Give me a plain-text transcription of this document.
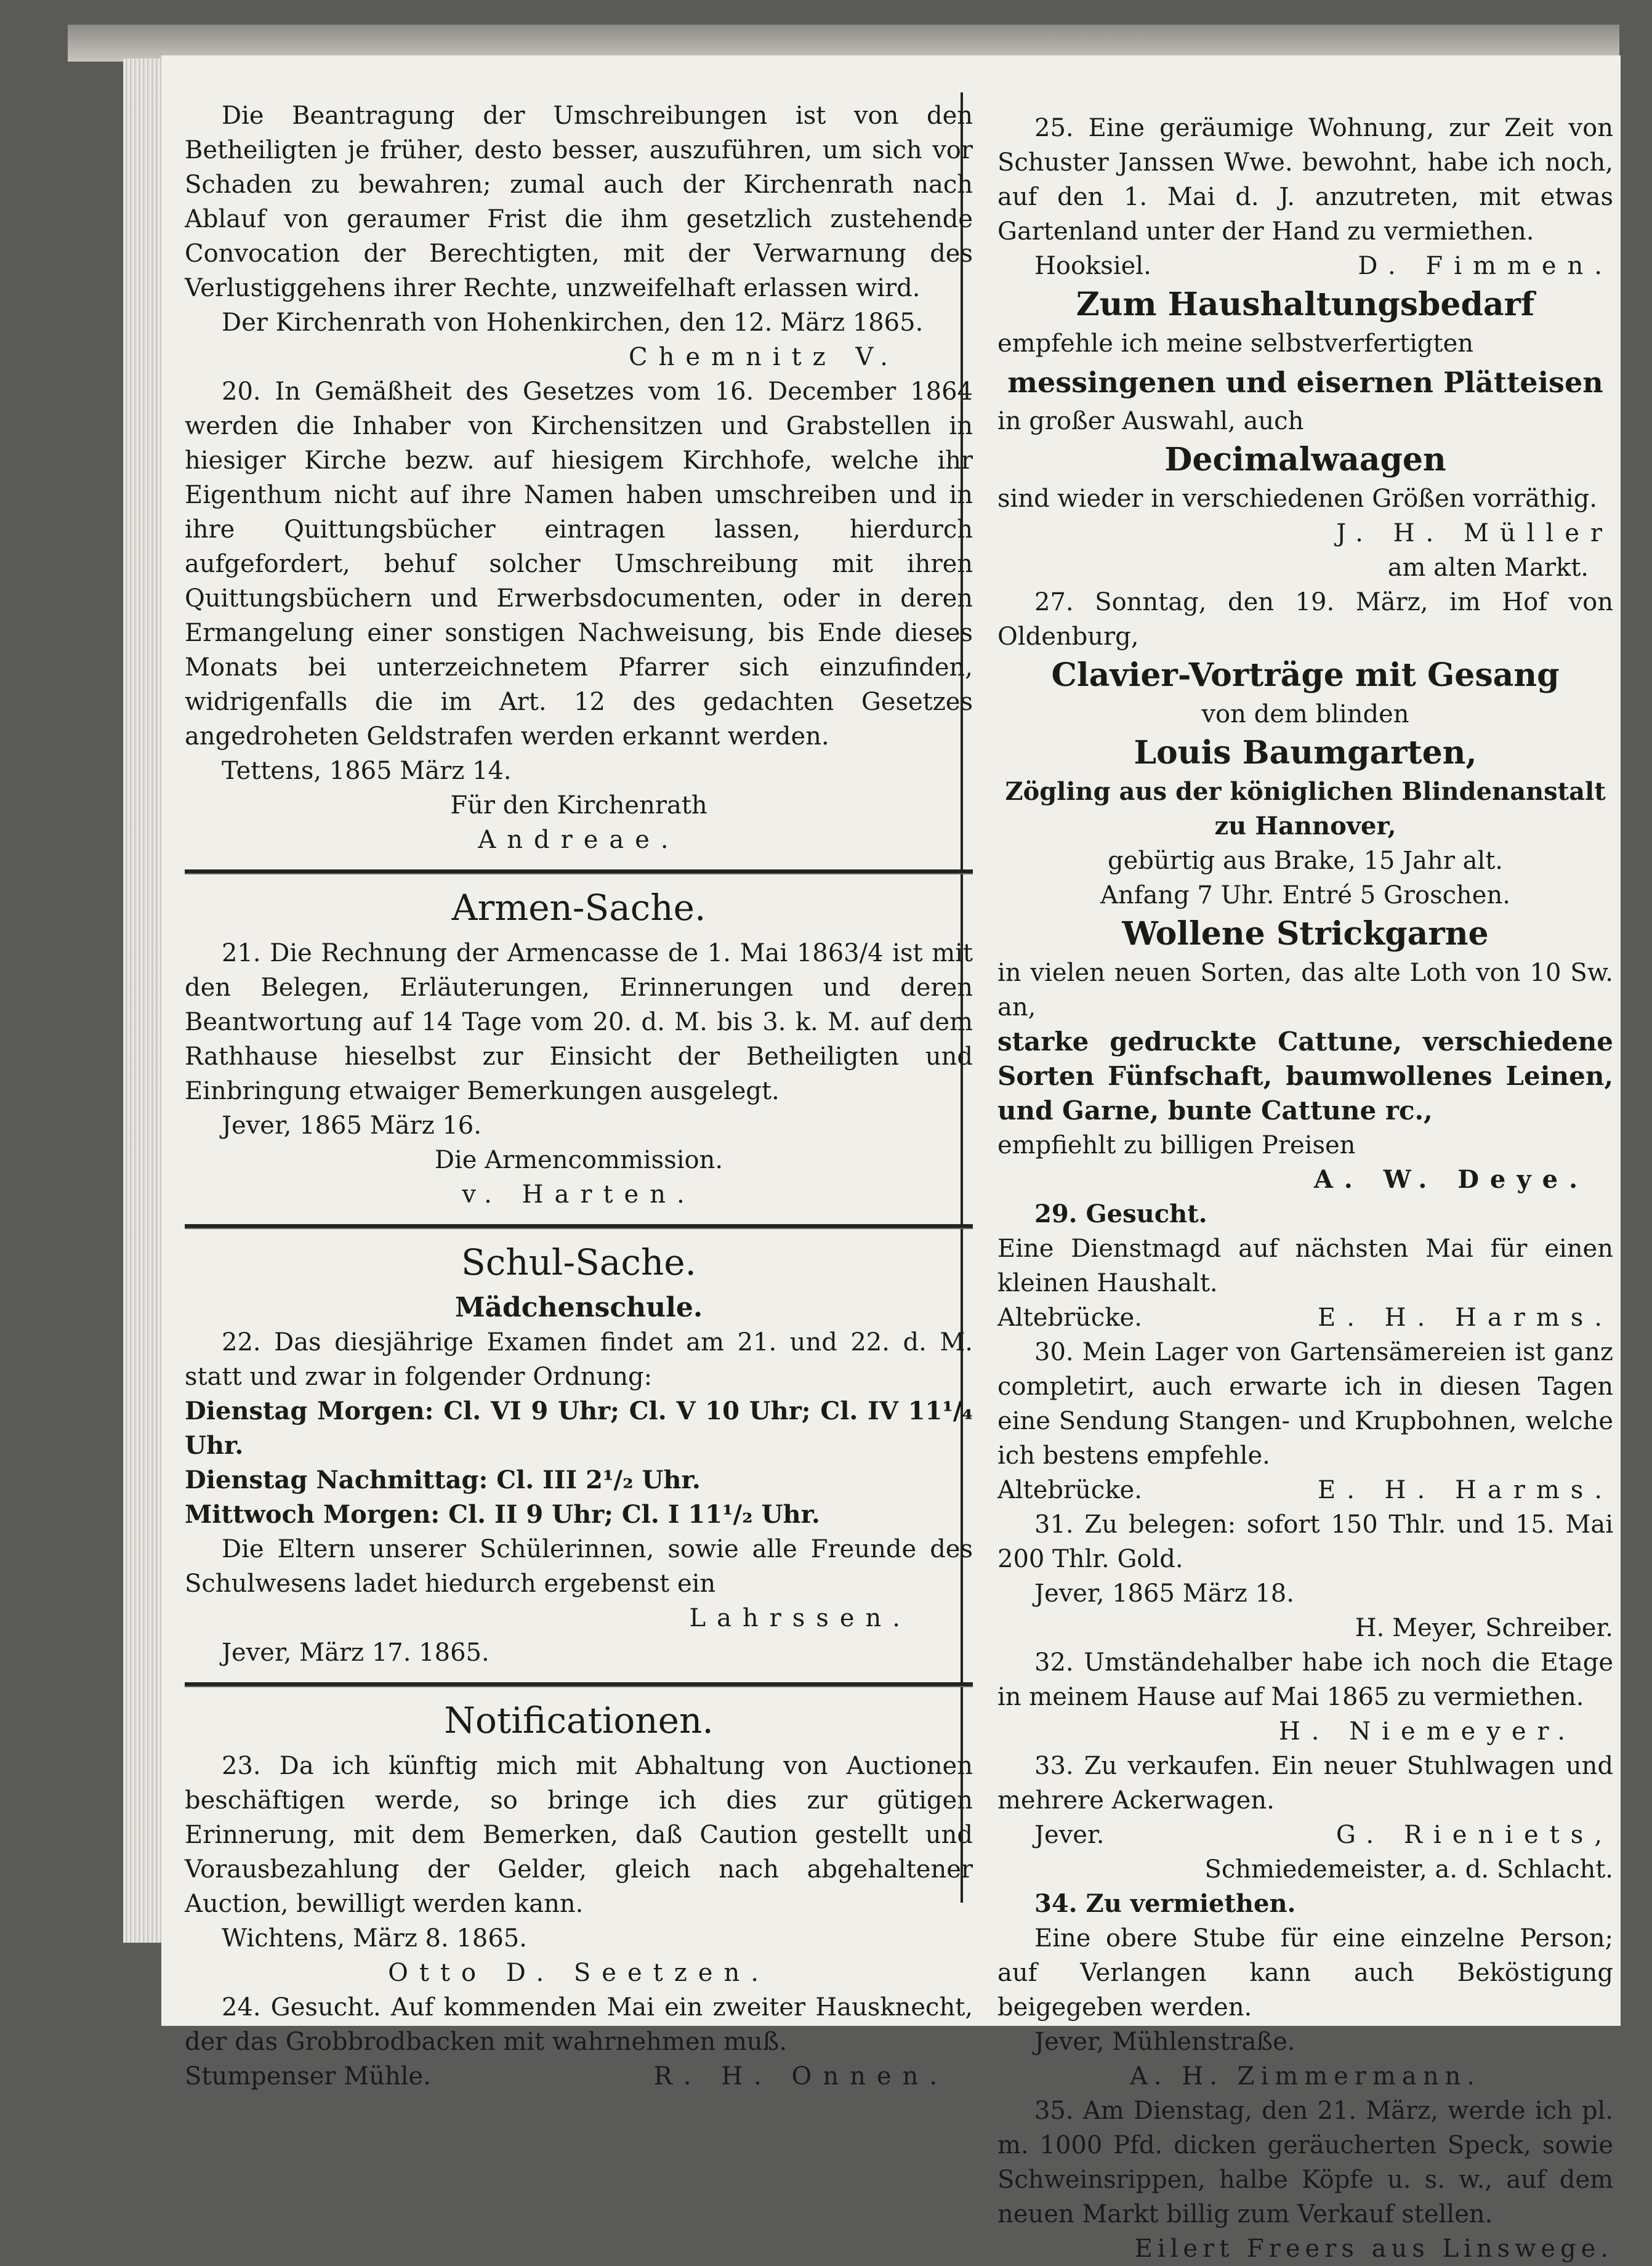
Die Beantragung der Umschreibungen ist von den Betheiligten je früher, desto besser, auszuführen, um sich vor Schaden zu bewahren; zumal auch der Kirchenrath nach Ablauf von geraumer Frist die ihm gesetzlich zustehende Convocation der Berechtigten, mit der Verwarnung des Verlustiggehens ihrer Rechte, unzweifelhaft erlassen wird.

Der Kirchenrath von Hohenkirchen, den 12. März 1865.

Chemnitz V.

20. In Gemäßheit des Gesetzes vom 16. December 1864 werden die Inhaber von Kirchensitzen und Grabstellen in hiesiger Kirche bezw. auf hiesigem Kirchhofe, welche ihr Eigenthum nicht auf ihre Namen haben umschreiben und in ihre Quittungsbücher eintragen lassen, hierdurch aufgefordert, behuf solcher Umschreibung mit ihren Quittungsbüchern und Erwerbsdocumenten, oder in deren Ermangelung einer sonstigen Nachweisung, bis Ende dieses Monats bei unterzeichnetem Pfarrer sich einzufinden, widrigenfalls die im Art. 12 des gedachten Gesetzes angedroheten Geldstrafen werden erkannt werden.

Tettens, 1865 März 14.

Für den Kirchenrath

Andreae.

Armen-Sache.

21. Die Rechnung der Armencasse de 1. Mai 1863/4 ist mit den Belegen, Erläuterungen, Erinnerungen und deren Beantwortung auf 14 Tage vom 20. d. M. bis 3. k. M. auf dem Rathhause hieselbst zur Einsicht der Betheiligten und Einbringung etwaiger Bemerkungen ausgelegt.

Jever, 1865 März 16.

Die Armencommission.

v. Harten.

Schul-Sache.
Mädchenschule.

22. Das diesjährige Examen findet am 21. und 22. d. M. statt und zwar in folgender Ordnung:

Dienstag Morgen: Cl. VI 9 Uhr; Cl. V 10 Uhr; Cl. IV 11¹/₄ Uhr.

Dienstag Nachmittag: Cl. III 2¹/₂ Uhr.

Mittwoch Morgen: Cl. II 9 Uhr; Cl. I 11¹/₂ Uhr.

Die Eltern unserer Schülerinnen, sowie alle Freunde des Schulwesens ladet hiedurch ergebenst ein

Lahrssen.

Jever, März 17. 1865.

Notificationen.

23. Da ich künftig mich mit Abhaltung von Auctionen beschäftigen werde, so bringe ich dies zur gütigen Erinnerung, mit dem Bemerken, daß Caution gestellt und Vorausbezahlung der Gelder, gleich nach abgehaltener Auction, bewilligt werden kann.

Wichtens, März 8. 1865.

Otto D. Seetzen.

24. Gesucht. Auf kommenden Mai ein zweiter Hausknecht, der das Grobbrodbacken mit wahrnehmen muß.

Stumpenser Mühle.	R. H. Onnen.

25. Eine geräumige Wohnung, zur Zeit von Schuster Janssen Wwe. bewohnt, habe ich noch, auf den 1. Mai d. J. anzutreten, mit etwas Gartenland unter der Hand zu vermiethen.

Hooksiel.	D. Fimmen.

Zum Haushaltungsbedarf

empfehle ich meine selbstverfertigten

messingenen und eisernen Plätteisen

in großer Auswahl, auch

Decimalwaagen

sind wieder in verschiedenen Größen vorräthig.

J. H. Müller

am alten Markt.

27. Sonntag, den 19. März, im Hof von Oldenburg,

Clavier-Vorträge mit Gesang

von dem blinden

Louis Baumgarten,

Zögling aus der königlichen Blindenanstalt zu Hannover,

gebürtig aus Brake, 15 Jahr alt.

Anfang 7 Uhr. Entré 5 Groschen.

Wollene Strickgarne

in vielen neuen Sorten, das alte Loth von 10 Sw. an,

starke gedruckte Cattune, verschiedene Sorten Fünfschaft, baumwollenes Leinen, und Garne, bunte Cattune rc.,

empfiehlt zu billigen Preisen

A. W. Deye.

29. Gesucht.

Eine Dienstmagd auf nächsten Mai für einen kleinen Haushalt.

Altebrücke.	E. H. Harms.

30. Mein Lager von Gartensämereien ist ganz completirt, auch erwarte ich in diesen Tagen eine Sendung Stangen- und Krupbohnen, welche ich bestens empfehle.

Altebrücke.	E. H. Harms.

31. Zu belegen: sofort 150 Thlr. und 15. Mai 200 Thlr. Gold.

Jever, 1865 März 18.

H. Meyer, Schreiber.

32. Umständehalber habe ich noch die Etage in meinem Hause auf Mai 1865 zu vermiethen.

H. Niemeyer.

33. Zu verkaufen. Ein neuer Stuhlwagen und mehrere Ackerwagen.

Jever.	G. Rieniets,

Schmiedemeister, a. d. Schlacht.

34. Zu vermiethen.

Eine obere Stube für eine einzelne Person; auf Verlangen kann auch Beköstigung beigegeben werden.

Jever, Mühlenstraße.

A. H. Zimmermann.

35. Am Dienstag, den 21. März, werde ich pl. m. 1000 Pfd. dicken geräucherten Speck, sowie Schweinsrippen, halbe Köpfe u. s. w., auf dem neuen Markt billig zum Verkauf stellen.

Eilert Freers aus Linswege.
